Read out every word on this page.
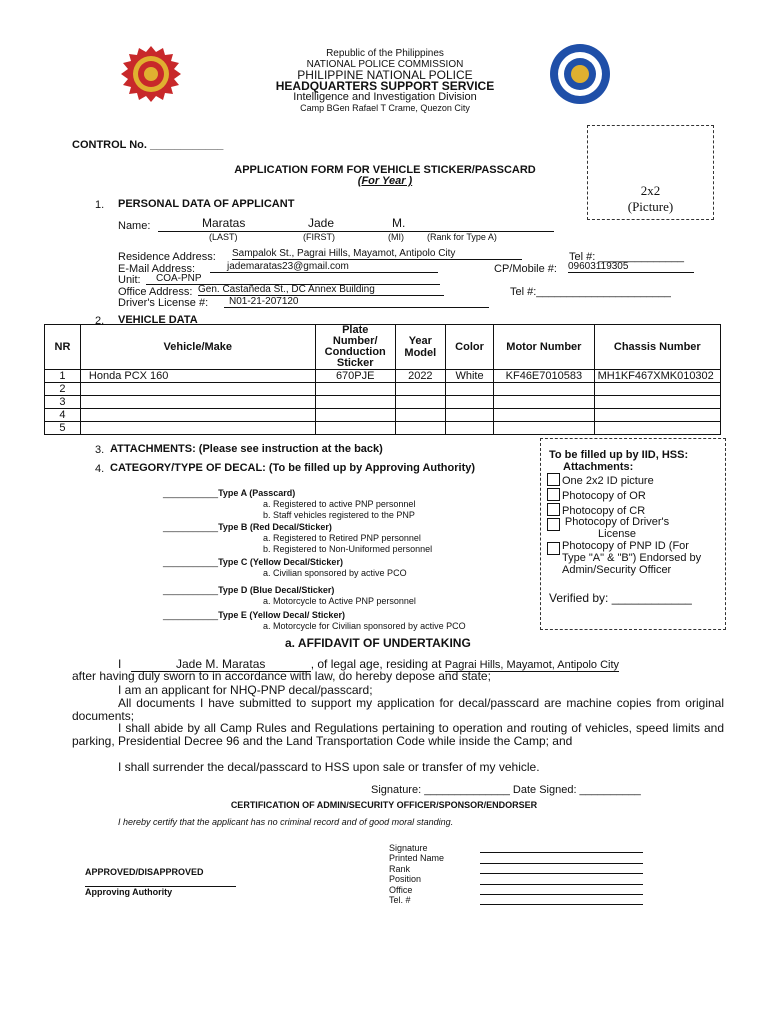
Republic of the Philippines
NATIONAL POLICE COMMISSION
PHILIPPINE NATIONAL POLICE
HEADQUARTERS SUPPORT SERVICE
Intelligence and Investigation Division
Camp BGen Rafael T Crame, Quezon City
CONTROL No. ____________
2x2
(Picture)
APPLICATION FORM FOR VEHICLE STICKER/PASSCARD
(For Year )
1. PERSONAL DATA OF APPLICANT
Name:	Maratas	Jade	M.
(LAST)	(FIRST)	(MI)	(Rank for Type A)
Residence Address: Sampalok St., Pagrai Hills, Mayamot, Antipolo City	Tel #: ______________
E-Mail Address:	jademaratas23@gmail.com	CP/Mobile #: 09603119305
Unit:	COA-PNP
Office Address: Gen. Castañeda St., DC Annex Building	Tel #:______________________
Driver's License #:	N01-21-207120
2. VEHICLE DATA
NR	Vehicle/Make	Plate Number/ Conduction Sticker	Year Model	Color	Motor Number	Chassis Number
1	Honda PCX 160	670PJE	2022	White	KF46E7010583	MH1KF467XMK010302
2						
3						
4						
5						
3. ATTACHMENTS: (Please see instruction at the back)
4. CATEGORY/TYPE OF DECAL: (To be filled up by Approving Authority)
___________Type A (Passcard)
a. Registered to active PNP personnel
b. Staff vehicles registered to the PNP
___________Type B (Red Decal/Sticker)
a. Registered to Retired PNP personnel
b. Registered to Non-Uniformed personnel
___________Type C (Yellow Decal/Sticker)
a. Civilian sponsored by active PCO
___________Type D (Blue Decal/Sticker)
a. Motorcycle to Active PNP personnel
___________Type E (Yellow Decal/ Sticker)
a. Motorcycle for Civilian sponsored by active PCO
To be filled up by IID, HSS:
Attachments:
One 2x2 ID picture
Photocopy of OR
Photocopy of CR
Photocopy of Driver's License
Photocopy of PNP ID (For Type "A" & "B") Endorsed by Admin/Security Officer
Verified by: ____________
a. AFFIDAVIT OF UNDERTAKING
I	Jade M. Maratas	, of legal age, residing at Pagrai Hills, Mayamot, Antipolo City
after having duly sworn to in accordance with law, do hereby depose and state;
I am an applicant for NHQ-PNP decal/passcard;
All documents I have submitted to support my application for decal/passcard are machine copies from original documents;
I shall abide by all Camp Rules and Regulations pertaining to operation and routing of vehicles, speed limits and parking, Presidential Decree 96 and the Land Transportation Code while inside the Camp; and
I shall surrender the decal/passcard to HSS upon sale or transfer of my vehicle.
Signature: ______________ Date Signed: __________
CERTIFICATION OF ADMIN/SECURITY OFFICER/SPONSOR/ENDORSER
I hereby certify that the applicant has no criminal record and of good moral standing.
Signature
Printed Name
Rank
Position
Office
Tel. #
APPROVED/DISAPPROVED
Approving Authority
